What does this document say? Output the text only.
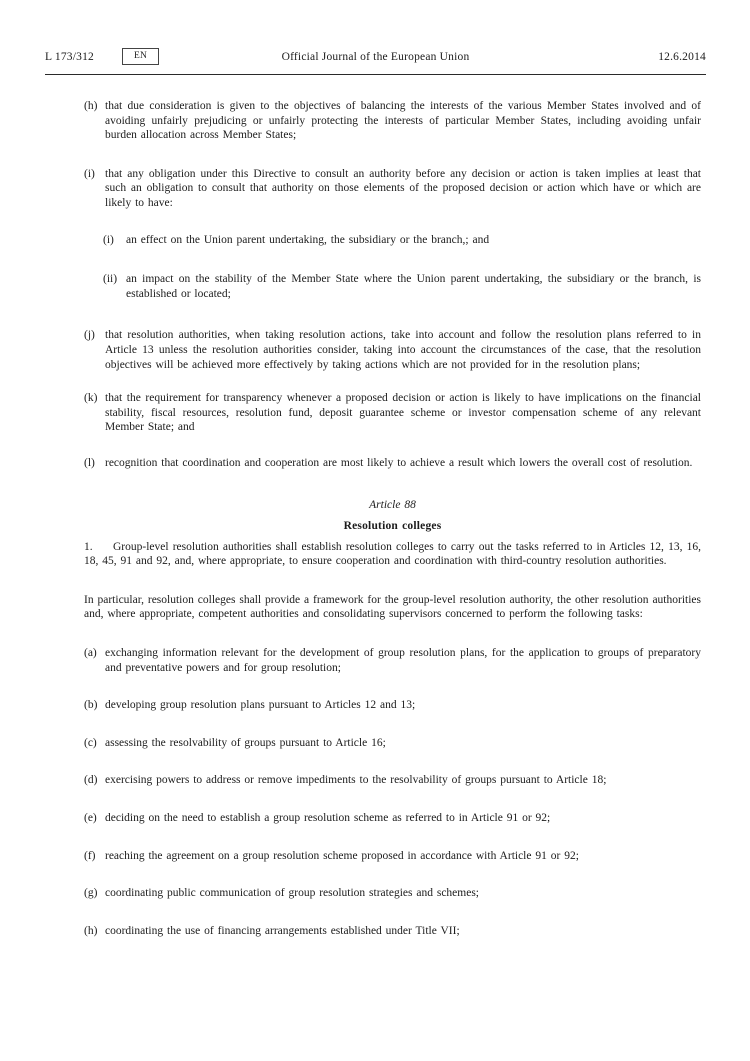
L 173/312	EN	Official Journal of the European Union	12.6.2014
(h) that due consideration is given to the objectives of balancing the interests of the various Member States involved and of avoiding unfairly prejudicing or unfairly protecting the interests of particular Member States, including avoiding unfair burden allocation across Member States;
(i) that any obligation under this Directive to consult an authority before any decision or action is taken implies at least that such an obligation to consult that authority on those elements of the proposed decision or action which have or which are likely to have:
(i)	an effect on the Union parent undertaking, the subsidiary or the branch,; and
(ii) an impact on the stability of the Member State where the Union parent undertaking, the subsidiary or the branch, is established or located;
(j) that resolution authorities, when taking resolution actions, take into account and follow the resolution plans referred to in Article 13 unless the resolution authorities consider, taking into account the circumstances of the case, that the resolution objectives will be achieved more effectively by taking actions which are not provided for in the resolution plans;
(k) that the requirement for transparency whenever a proposed decision or action is likely to have implications on the financial stability, fiscal resources, resolution fund, deposit guarantee scheme or investor compensation scheme of any relevant Member State; and
(l) recognition that coordination and cooperation are most likely to achieve a result which lowers the overall cost of resolution.
Article 88
Resolution colleges

1. Group-level resolution authorities shall establish resolution colleges to carry out the tasks referred to in Articles 12, 13, 16, 18, 45, 91 and 92, and, where appropriate, to ensure cooperation and coordination with third-country resolution authorities.

In particular, resolution colleges shall provide a framework for the group-level resolution authority, the other resolution authorities and, where appropriate, competent authorities and consolidating supervisors concerned to perform the following tasks:

(a) exchanging information relevant for the development of group resolution plans, for the application to groups of preparatory and preventative powers and for group resolution;
(b) developing group resolution plans pursuant to Articles 12 and 13;
(c) assessing the resolvability of groups pursuant to Article 16;
(d) exercising powers to address or remove impediments to the resolvability of groups pursuant to Article 18;
(e) deciding on the need to establish a group resolution scheme as referred to in Article 91 or 92;
(f) reaching the agreement on a group resolution scheme proposed in accordance with Article 91 or 92;
(g) coordinating public communication of group resolution strategies and schemes;
(h) coordinating the use of financing arrangements established under Title VII;
